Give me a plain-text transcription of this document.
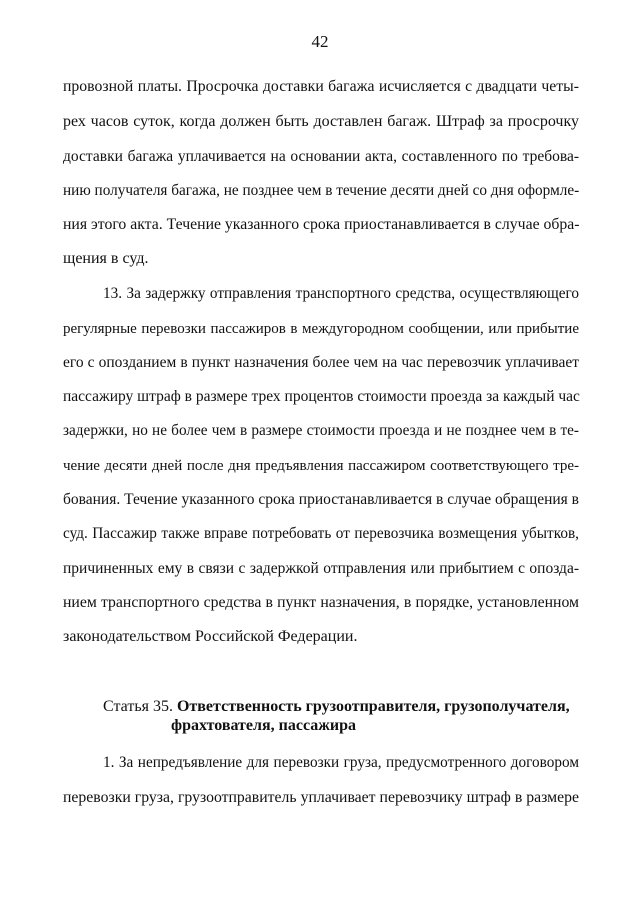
42
провозной платы. Просрочка доставки багажа исчисляется с двадцати четы-
рех часов суток, когда должен быть доставлен багаж. Штраф за просрочку
доставки багажа уплачивается на основании акта, составленного по требова-
нию получателя багажа, не позднее чем в течение десяти дней со дня оформле-
ния этого акта. Течение указанного срока приостанавливается в случае обра-
щения в суд.
13. За задержку отправления транспортного средства, осуществляющего
регулярные перевозки пассажиров в междугородном сообщении, или прибытие
его с опозданием в пункт назначения более чем на час перевозчик уплачивает
пассажиру штраф в размере трех процентов стоимости проезда за каждый час
задержки, но не более чем в размере стоимости проезда и не позднее чем в те-
чение десяти дней после дня предъявления пассажиром соответствующего тре-
бования. Течение указанного срока приостанавливается в случае обращения в
суд. Пассажир также вправе потребовать от перевозчика возмещения убытков,
причиненных ему в связи с задержкой отправления или прибытием с опозда-
нием транспортного средства в пункт назначения, в порядке, установленном
законодательством Российской Федерации.
Статья 35. Ответственность грузоотправителя, грузополучателя,
фрахтователя, пассажира
1. За непредъявление для перевозки груза, предусмотренного договором
перевозки груза, грузоотправитель уплачивает перевозчику штраф в размере
